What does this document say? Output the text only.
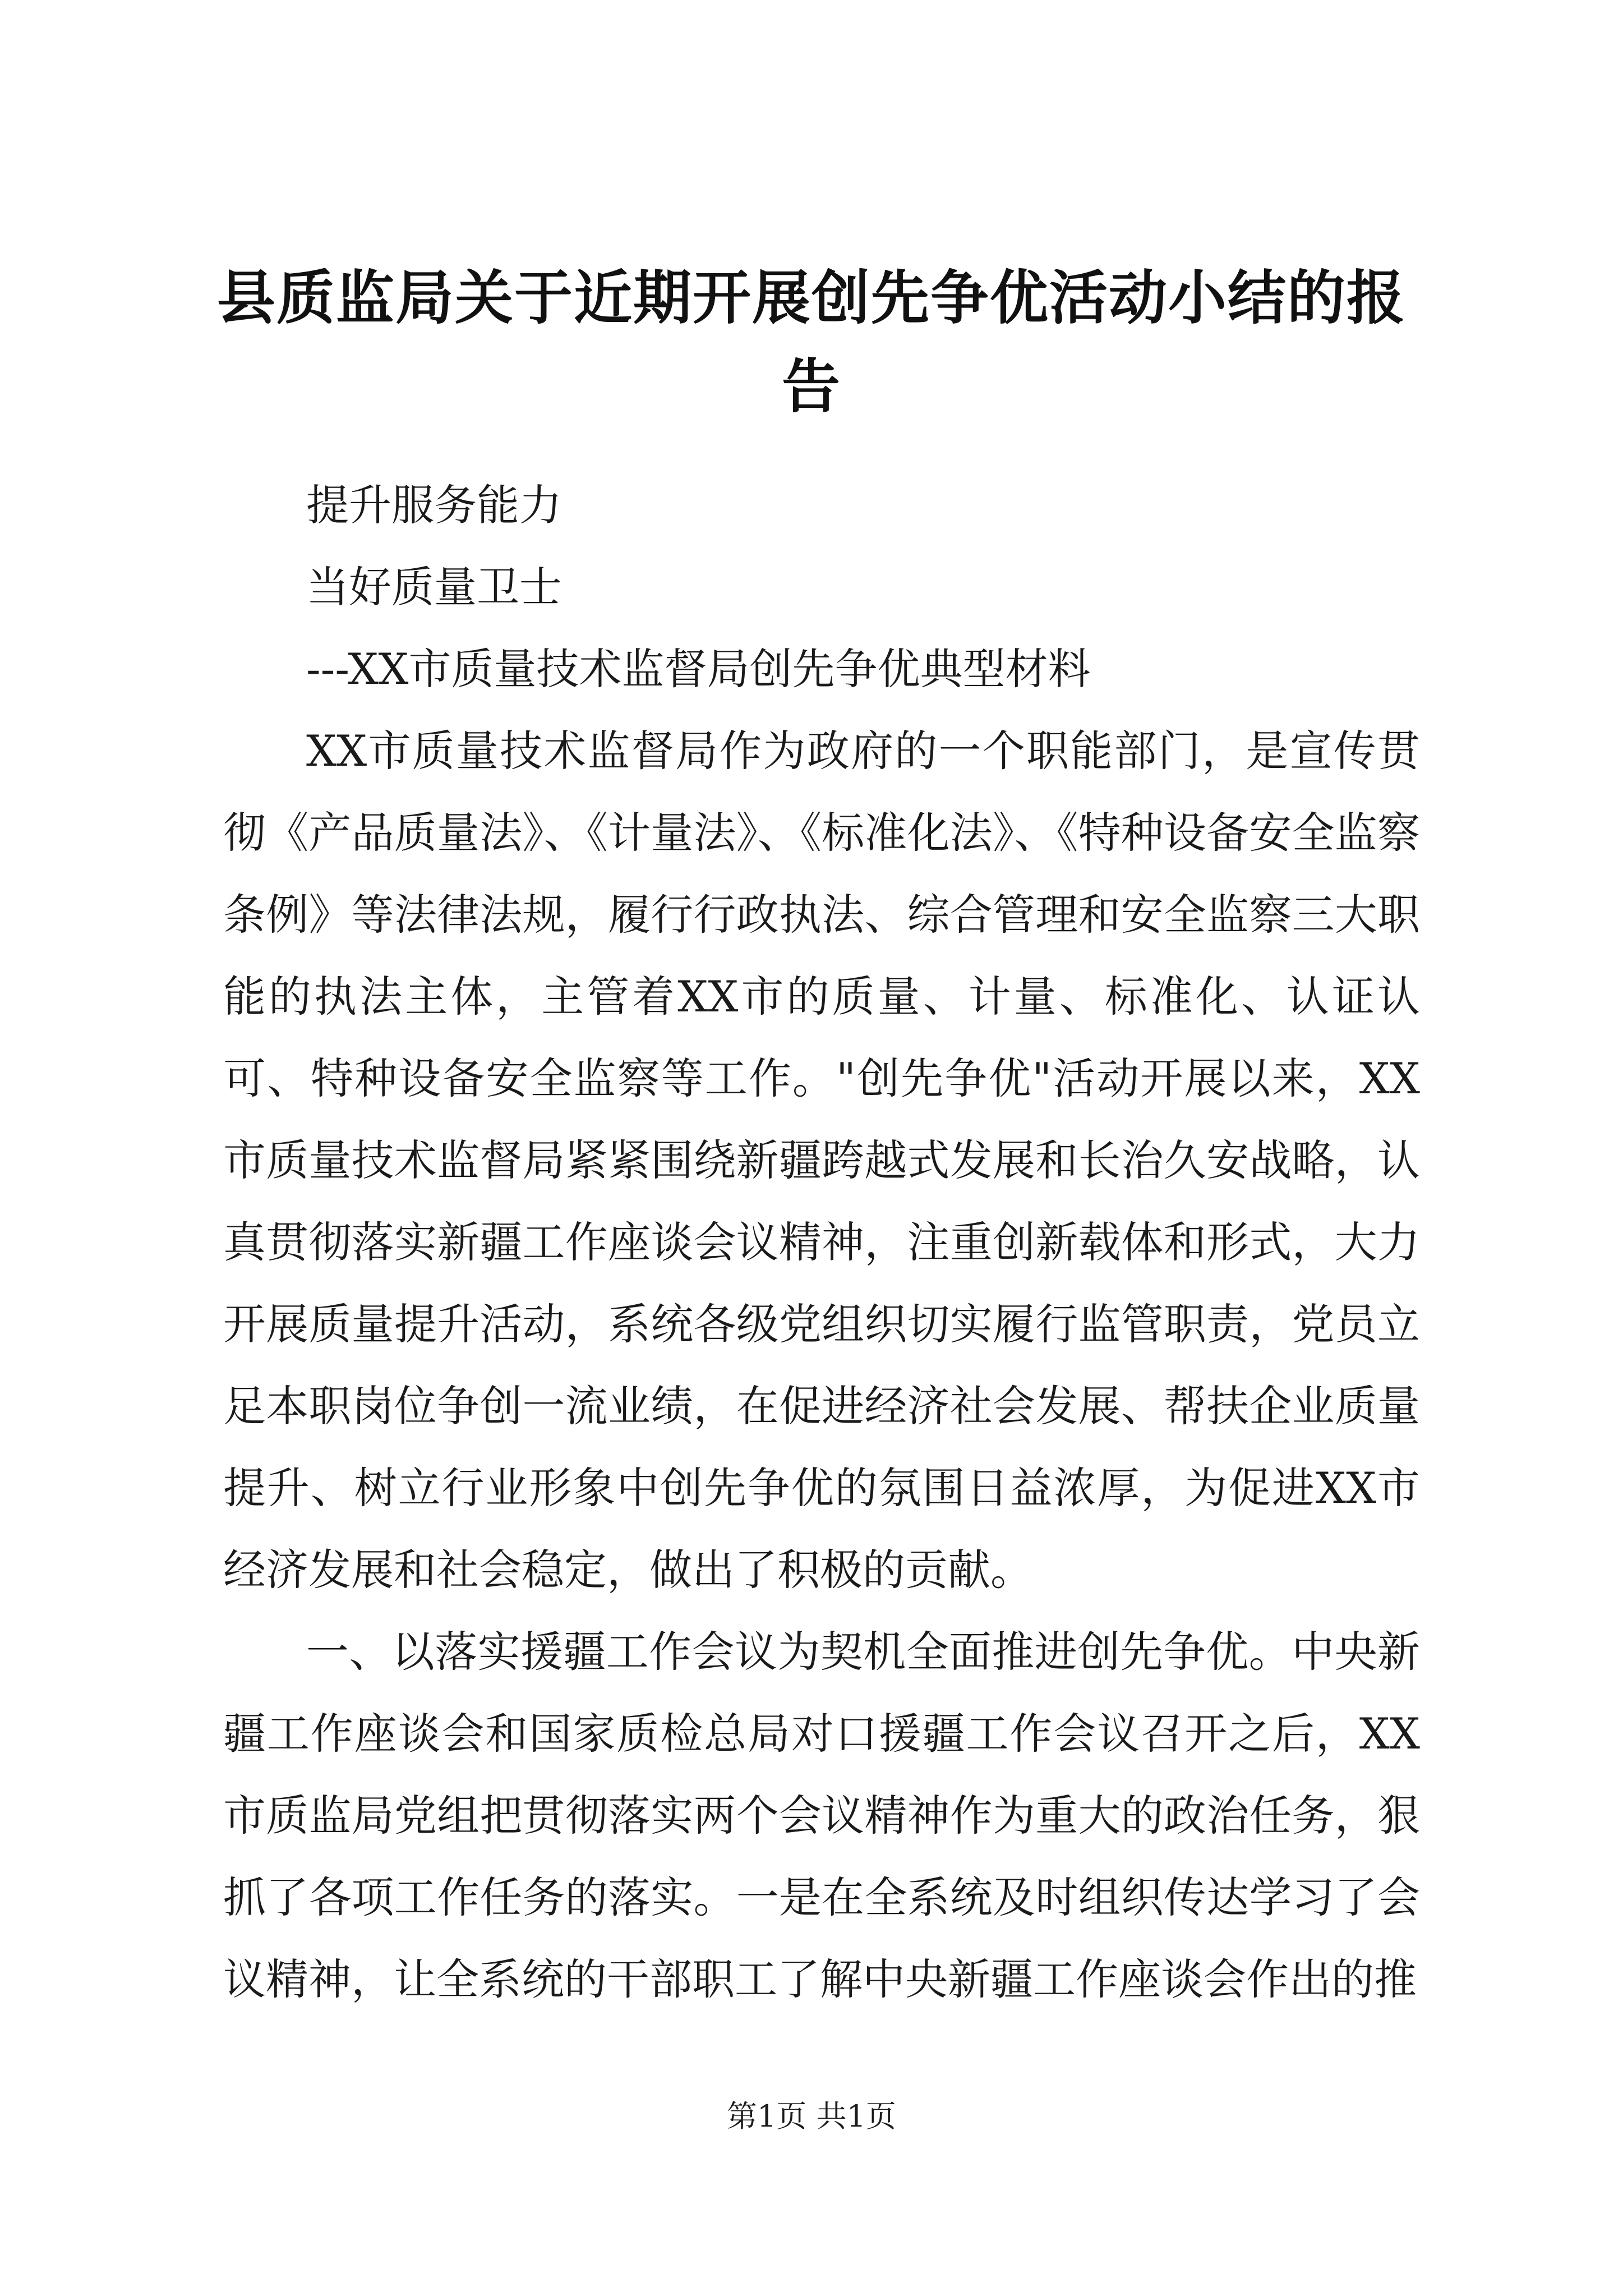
县质监局关于近期开展创先争优活动小结的报告

提升服务能力

当好质量卫士

---XX市质量技术监督局创先争优典型材料

XX市质量技术监督局作为政府的一个职能部门，是宣传贯彻《产品质量法》、《计量法》、《标准化法》、《特种设备安全监察条例》等法律法规，履行行政执法、综合管理和安全监察三大职能的执法主体，主管着XX市的质量、计量、标准化、认证认可、特种设备安全监察等工作。"创先争优"活动开展以来，XX市质量技术监督局紧紧围绕新疆跨越式发展和长治久安战略，认真贯彻落实新疆工作座谈会议精神，注重创新载体和形式，大力开展质量提升活动，系统各级党组织切实履行监管职责，党员立足本职岗位争创一流业绩，在促进经济社会发展、帮扶企业质量提升、树立行业形象中创先争优的氛围日益浓厚，为促进XX市经济发展和社会稳定，做出了积极的贡献。

一、以落实援疆工作会议为契机全面推进创先争优。中央新疆工作座谈会和国家质检总局对口援疆工作会议召开之后，XX市质监局党组把贯彻落实两个会议精神作为重大的政治任务，狠抓了各项工作任务的落实。一是在全系统及时组织传达学习了会议精神，让全系统的干部职工了解中央新疆工作座谈会作出的推

第1页 共1页
